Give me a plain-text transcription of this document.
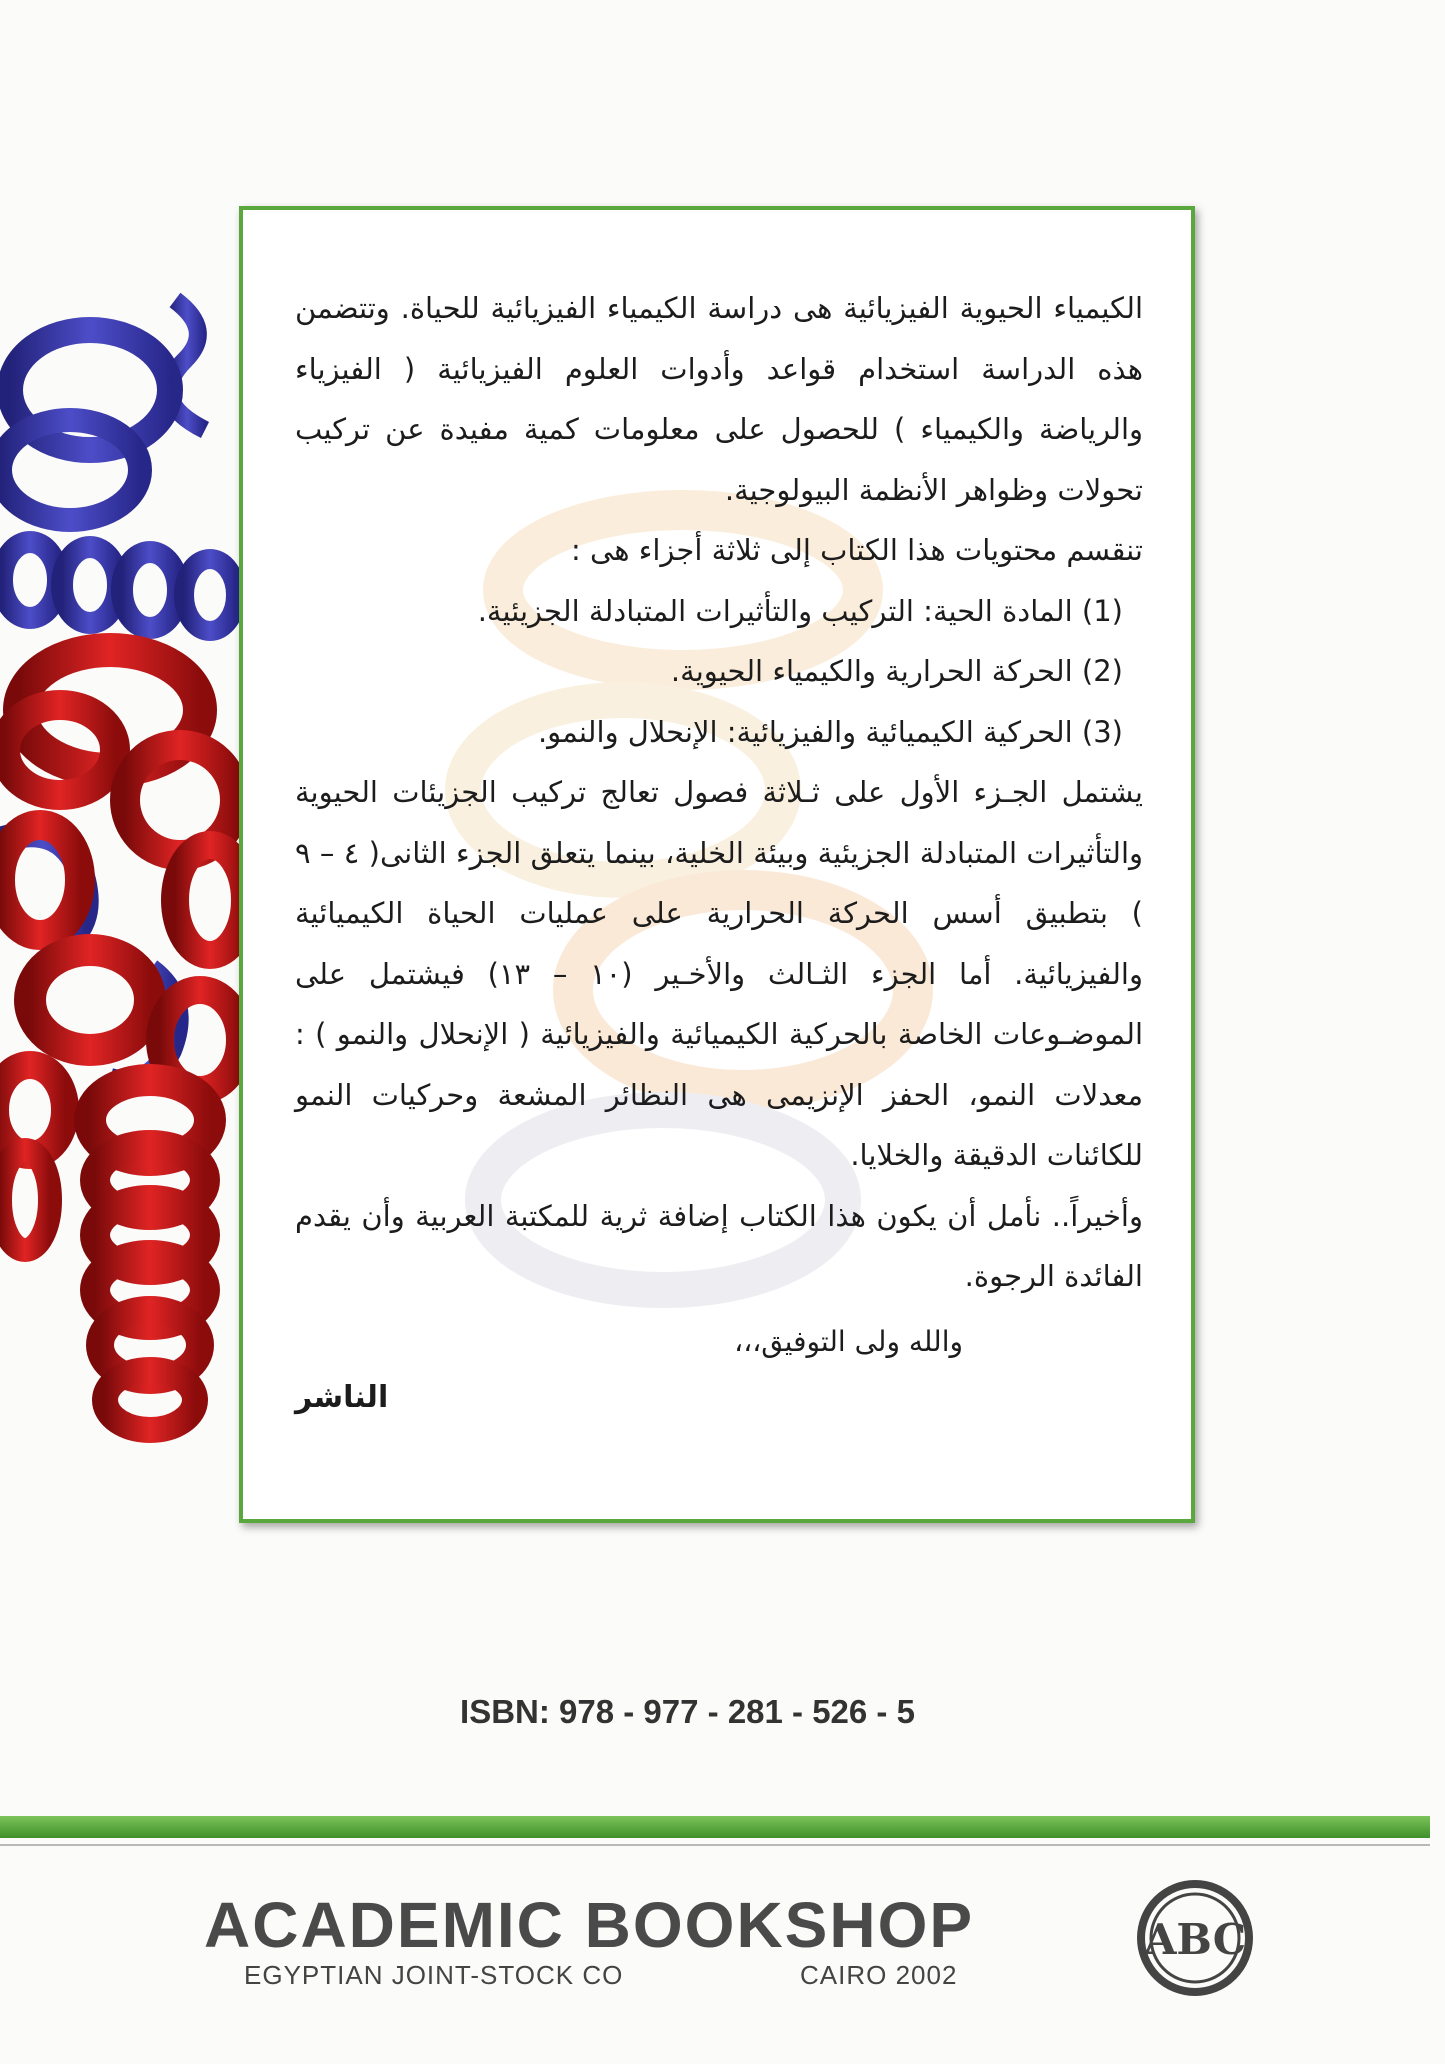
الكيمياء الحيوية الفيزيائية هى دراسة الكيمياء الفيزيائية للحياة. وتتضمن هذه الدراسة استخدام قواعد وأدوات العلوم الفيزيائية ( الفيزياء والرياضة والكيمياء ) للحصول على معلومات كمية مفيدة عن تركيب تحولات وظواهر الأنظمة البيولوجية.

تنقسم محتويات هذا الكتاب إلى ثلاثة أجزاء هى :

(1) المادة الحية: التركيب والتأثيرات المتبادلة الجزيئية.
(2) الحركة الحرارية والكيمياء الحيوية.
(3) الحركية الكيميائية والفيزيائية: الإنحلال والنمو.

يشتمل الجـزء الأول على ثـلاثة فصول تعالج تركيب الجزيئات الحيوية والتأثيرات المتبادلة الجزيئية وبيئة الخلية، بينما يتعلق الجزء الثانى( ٤ – ٩ ) بتطبيق أسس الحركة الحرارية على عمليات الحياة الكيميائية والفيزيائية. أما الجزء الثـالث والأخـير (١٠ – ١٣) فيشتمل على الموضـوعات الخاصة بالحركية الكيميائية والفيزيائية ( الإنحلال والنمو ) : معدلات النمو، الحفز الإنزيمى هى النظائر المشعة وحركيات النمو للكائنات الدقيقة والخلايا.

وأخيراً.. نأمل أن يكون هذا الكتاب إضافة ثرية للمكتبة العربية وأن يقدم الفائدة الرجوة.

والله ولى التوفيق،،،
الناشر
ISBN: 978 - 977 - 281 - 526 - 5
ACADEMIC BOOKSHOP
EGYPTIAN JOINT-STOCK CO	CAIRO 2002
ABC
